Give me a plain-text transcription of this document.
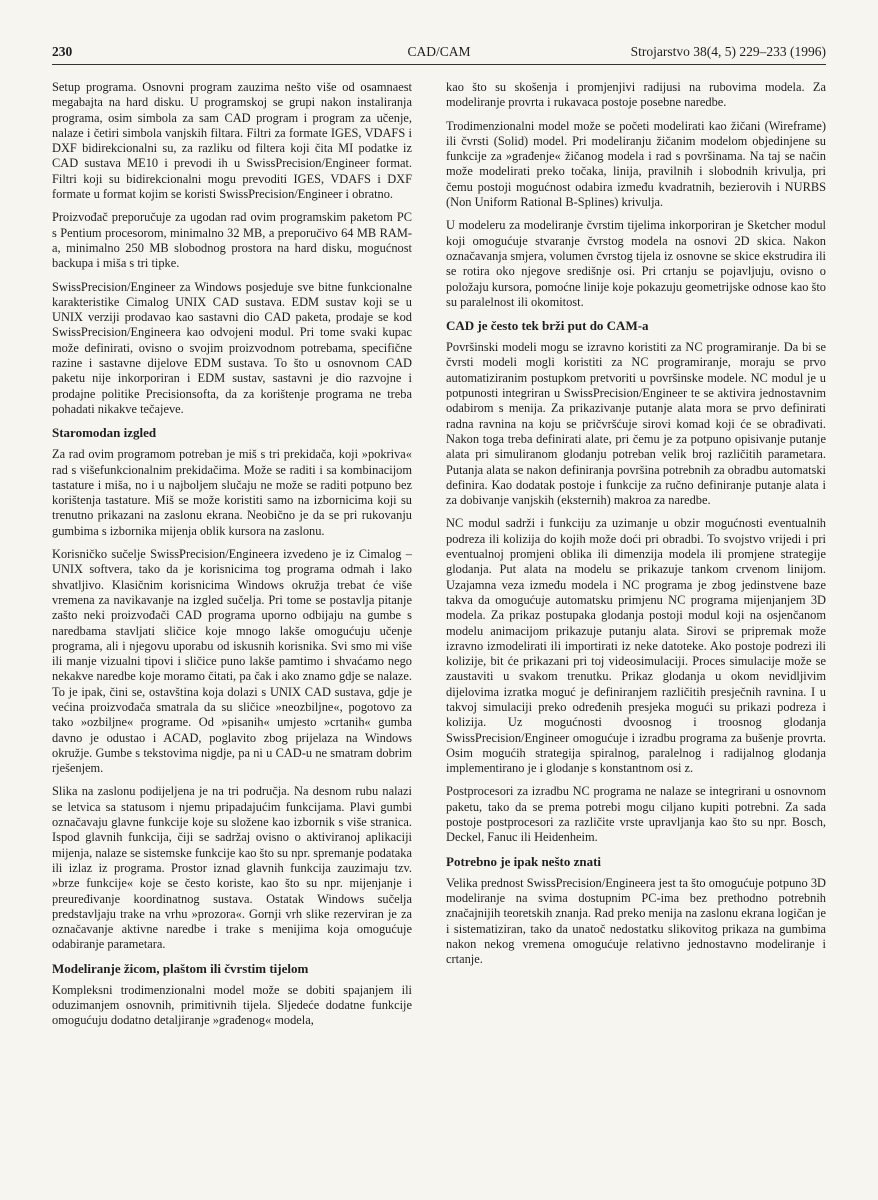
230	CAD/CAM	Strojarstvo 38(4, 5) 229–233 (1996)

Setup programa. Osnovni program zauzima nešto više od osamnaest megabajta na hard disku. U programskoj se grupi nakon instaliranja programa, osim simbola za sam CAD program i program za učenje, nalaze i četiri simbola vanjskih filtara. Filtri za formate IGES, VDAFS i DXF bidirekcionalni su, za razliku od filtera koji čita MI podatke iz CAD sustava ME10 i prevodi ih u SwissPrecision/Engineer format. Filtri koji su bidirekcionalni mogu prevoditi IGES, VDAFS i DXF formate u format kojim se koristi SwissPrecision/Engineer i obratno.

Proizvođač preporučuje za ugodan rad ovim programskim paketom PC s Pentium procesorom, minimalno 32 MB, a preporučivo 64 MB RAM-a, minimalno 250 MB slobodnog prostora na hard disku, mogućnost backupa i miša s tri tipke.

SwissPrecision/Engineer za Windows posjeduje sve bitne funkcionalne karakteristike Cimalog UNIX CAD sustava. EDM sustav koji se u UNIX verziji prodavao kao sastavni dio CAD paketa, prodaje se kod SwissPrecision/Engineera kao odvojeni modul. Pri tome svaki kupac može definirati, ovisno o svojim proizvodnom potrebama, specifične razine i sastavne dijelove EDM sustava. To što u osnovnom CAD paketu nije inkorporiran i EDM sustav, sastavni je dio razvojne i prodajne politike Precisionsofta, da za korištenje programa ne treba pohadati nikakve tečajeve.

Staromodan izgled

Za rad ovim programom potreban je miš s tri prekidača, koji »pokriva« rad s višefunkcionalnim prekidačima. Može se raditi i sa kombinacijom tastature i miša, no i u najboljem slučaju ne može se raditi potpuno bez korištenja tastature. Miš se može koristiti samo na izbornicima koji su trenutno prikazani na zaslonu ekrana. Neobično je da se pri rukovanju gumbima s izbornika mijenja oblik kursora na zaslonu.

Korisničko sučelje SwissPrecision/Engineera izvedeno je iz Cimalog – UNIX softvera, tako da je korisnicima tog programa odmah i lako shvatljivo. Klasičnim korisnicima Windows okružja trebat će više vremena za navikavanje na izgled sučelja. Pri tome se postavlja pitanje zašto neki proizvođači CAD programa uporno odbijaju na gumbe s naredbama stavljati sličice koje mnogo lakše omogućuju učenje programa, ali i njegovu uporabu od iskusnih korisnika. Svi smo mi više ili manje vizualni tipovi i sličice puno lakše pamtimo i shvaćamo nego nekakve naredbe koje moramo čitati, pa čak i ako znamo gdje se nalaze. To je ipak, čini se, ostavština koja dolazi s UNIX CAD sustava, gdje je većina proizvođača smatrala da su sličice »neozbiljne«, pogotovo za tako »ozbiljne« programe. Od »pisanih« umjesto »crtanih« gumba davno je odustao i ACAD, poglavito zbog prijelaza na Windows okružje. Gumbe s tekstovima nigdje, pa ni u CAD-u ne smatram dobrim rješenjem.

Slika na zaslonu podijeljena je na tri područja. Na desnom rubu nalazi se letvica sa statusom i njemu pripadajućim funkcijama. Plavi gumbi označavaju glavne funkcije koje su složene kao izbornik s više stranica. Ispod glavnih funkcija, čiji se sadržaj ovisno o aktiviranoj aplikaciji mijenja, nalaze se sistemske funkcije kao što su npr. spremanje podataka ili izlaz iz programa. Prostor iznad glavnih funkcija zauzimaju tzv. »brze funkcije« koje se često koriste, kao što su npr. mijenjanje i preuređivanje koordinatnog sustava. Ostatak Windows sučelja predstavljaju trake na vrhu »prozora«. Gornji vrh slike rezerviran je za označavanje aktivne naredbe i trake s menijima koja omogućuje odabiranje parametara.

Modeliranje žicom, plaštom ili čvrstim tijelom

Kompleksni trodimenzionalni model može se dobiti spajanjem ili oduzimanjem osnovnih, primitivnih tijela. Sljedeće dodatne funkcije omogućuju dodatno detaljiranje »građenog« modela,

kao što su skošenja i promjenjivi radijusi na rubovima modela. Za modeliranje provrta i rukavaca postoje posebne naredbe.

Trodimenzionalni model može se početi modelirati kao žičani (Wireframe) ili čvrsti (Solid) model. Pri modeliranju žičanim modelom objedinjene su funkcije za »građenje« žičanog modela i rad s površinama. Na taj se način može modelirati preko točaka, linija, pravilnih i slobodnih krivulja, pri čemu postoji mogućnost odabira između kvadratnih, bezierovih i NURBS (Non Uniform Rational B-Splines) krivulja.

U modeleru za modeliranje čvrstim tijelima inkorporiran je Sketcher modul koji omogućuje stvaranje čvrstog modela na osnovi 2D skica. Nakon označavanja smjera, volumen čvrstog tijela iz osnovne se skice ekstrudira ili se rotira oko njegove središnje osi. Pri crtanju se pojavljuju, ovisno o položaju kursora, pomoćne linije koje pokazuju geometrijske odnose kao što su paralelnost ili okomitost.

CAD je često tek brži put do CAM-a

Površinski modeli mogu se izravno koristiti za NC programiranje. Da bi se čvrsti modeli mogli koristiti za NC programiranje, moraju se prvo automatiziranim postupkom pretvoriti u površinske modele. NC modul je u potpunosti integriran u SwissPrecision/Engineer te se aktivira jednostavnim odabirom s menija. Za prikazivanje putanje alata mora se prvo definirati radna ravnina na koju se pričvršćuje sirovi komad koji će se obrađivati. Nakon toga treba definirati alate, pri čemu je za potpuno opisivanje putanje alata pri simuliranom glodanju potreban velik broj različitih parametara. Putanja alata se nakon definiranja površina potrebnih za obradbu automatski definira. Kao dodatak postoje i funkcije za ručno definiranje putanje alata i za dobivanje vanjskih (eksternih) makroa za naredbe.

NC modul sadrži i funkciju za uzimanje u obzir mogućnosti eventualnih podreza ili kolizija do kojih može doći pri obradbi. To svojstvo vrijedi i pri eventualnoj promjeni oblika ili dimenzija modela ili promjene strategije glodanja. Put alata na modelu se prikazuje tankom crvenom linijom. Uzajamna veza između modela i NC programa je zbog jedinstvene baze takva da omogućuje automatsku primjenu NC programa mijenjanjem 3D modela. Za prikaz postupaka glodanja postoji modul koji na osjenčanom modelu animacijom prikazuje putanju alata. Sirovi se pripremak može izravno izmodelirati ili importirati iz neke datoteke. Ako postoje podrezi ili kolizije, bit će prikazani pri toj videosimulaciji. Proces simulacije može se zaustaviti u svakom trenutku. Prikaz glodanja u okom nevidljivim dijelovima izratka moguć je definiranjem različitih presječnih ravnina. I u takvoj simulaciji preko određenih presjeka mogući su prikazi podreza i kolizija. Uz mogućnosti dvoosnog i troosnog glodanja SwissPrecision/Engineer omogućuje i izradbu programa za bušenje provrta. Osim mogućih strategija spiralnog, paralelnog i radijalnog glodanja implementirano je i glodanje s konstantnom osi z.

Postprocesori za izradbu NC programa ne nalaze se integrirani u osnovnom paketu, tako da se prema potrebi mogu ciljano kupiti potrebni. Za sada postoje postprocesori za različite vrste upravljanja kao što su npr. Bosch, Deckel, Fanuc ili Heidenheim.

Potrebno je ipak nešto znati

Velika prednost SwissPrecision/Engineera jest ta što omogućuje potpuno 3D modeliranje na svima dostupnim PC-ima bez prethodno potrebnih značajnijih teoretskih znanja. Rad preko menija na zaslonu ekrana logičan je i sistematiziran, tako da unatoč nedostatku slikovitog prikaza na gumbima nakon nekog vremena omogućuje relativno jednostavno modeliranje i crtanje.
